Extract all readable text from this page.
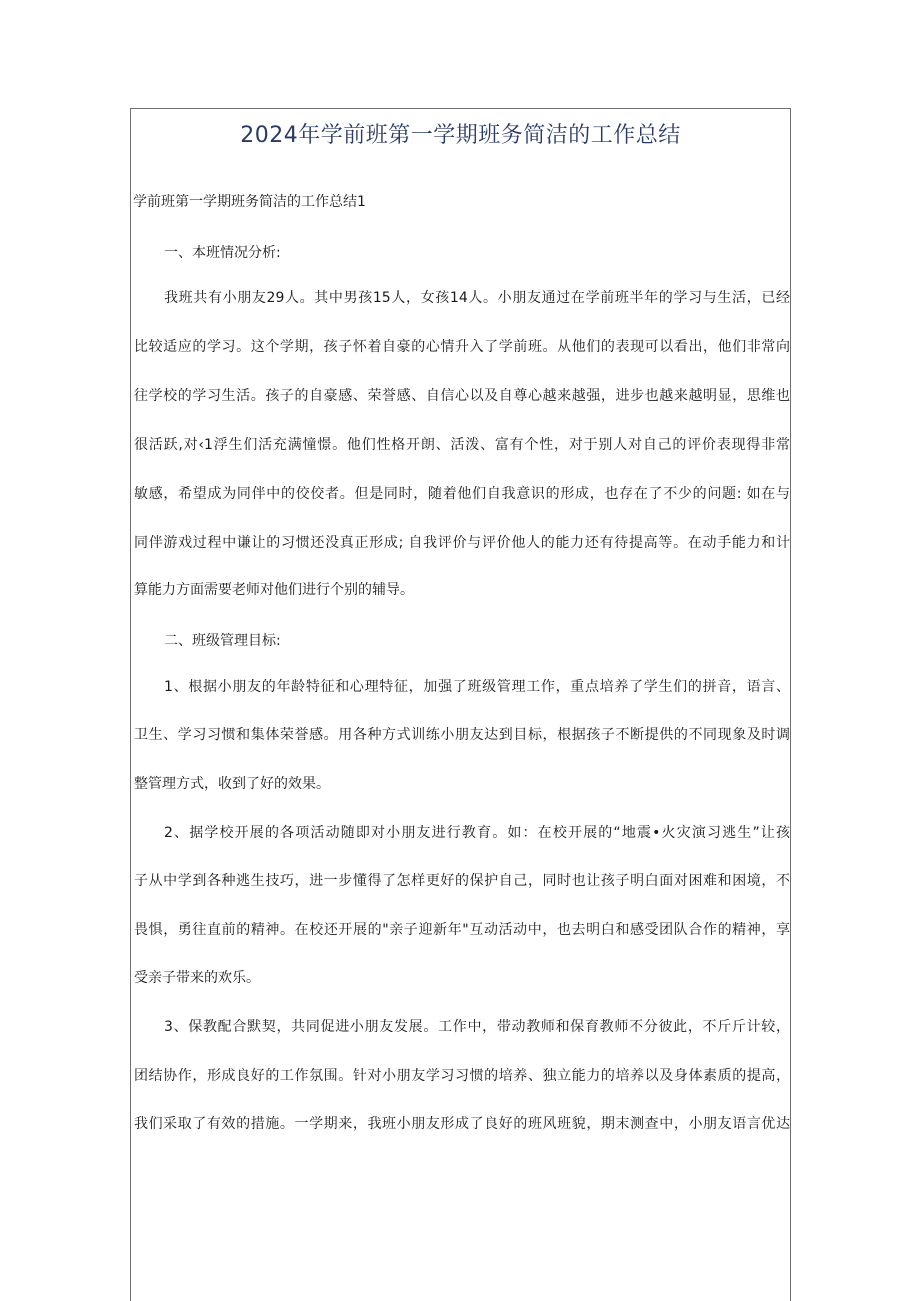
2024年学前班第一学期班务简洁的工作总结
学前班第一学期班务简洁的工作总结1
一、本班情况分析:
我班共有小朋友29人。其中男孩15人，女孩14人。小朋友通过在学前班半年的学习与生活，已经
比较适应的学习。这个学期，孩子怀着自豪的心情升入了学前班。从他们的表现可以看出，他们非常向
往学校的学习生活。孩子的自豪感、荣誉感、自信心以及自尊心越来越强，进步也越来越明显，思维也
很活跃,对‹1浮生们活充满憧憬。他们性格开朗、活泼、富有个性，对于别人对自己的评价表现得非常
敏感，希望成为同伴中的佼佼者。但是同时，随着他们自我意识的形成，也存在了不少的问题: 如在与
同伴游戏过程中谦让的习惯还没真正形成; 自我评价与评价他人的能力还有待提高等。在动手能力和计
算能力方面需要老师对他们进行个别的辅导。
二、班级管理目标:
1、根据小朋友的年龄特征和心理特征，加强了班级管理工作，重点培养了学生们的拼音，语言、
卫生、学习习惯和集体荣誉感。用各种方式训练小朋友达到目标，根据孩子不断提供的不同现象及时调
整管理方式，收到了好的效果。
2、据学校开展的各项活动随即对小朋友进行教育。如：在校开展的“地震•火灾演习逃生”让孩
子从中学到各种逃生技巧，进一步懂得了怎样更好的保护自己，同时也让孩子明白面对困难和困境，不
畏惧，勇往直前的精神。在校还开展的"亲子迎新年"互动活动中，也去明白和感受团队合作的精神，享
受亲子带来的欢乐。
3、保教配合默契，共同促进小朋友发展。工作中，带动教师和保育教师不分彼此，不斤斤计较，
团结协作，形成良好的工作氛围。针对小朋友学习习惯的培养、独立能力的培养以及身体素质的提高，
我们采取了有效的措施。一学期来，我班小朋友形成了良好的班风班貌，期末测查中，小朋友语言优达
